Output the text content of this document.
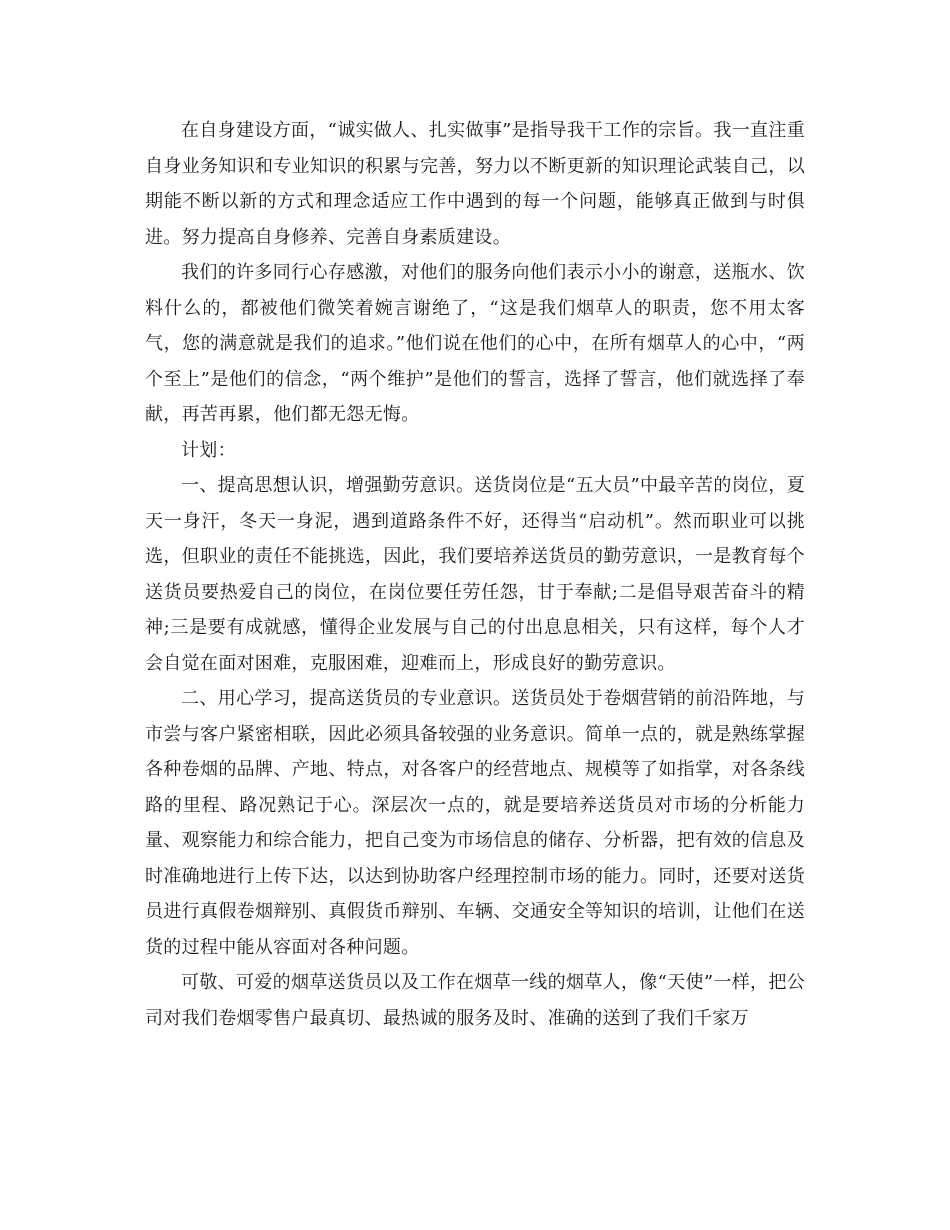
在自身建设方面，“诚实做人、扎实做事”是指导我干工作的宗旨。我一直注重自身业务知识和专业知识的积累与完善，努力以不断更新的知识理论武装自己，以期能不断以新的方式和理念适应工作中遇到的每一个问题，能够真正做到与时俱进。努力提高自身修养、完善自身素质建设。

我们的许多同行心存感激，对他们的服务向他们表示小小的谢意，送瓶水、饮料什么的，都被他们微笑着婉言谢绝了，“这是我们烟草人的职责，您不用太客气，您的满意就是我们的追求。”他们说在他们的心中，在所有烟草人的心中，“两个至上”是他们的信念，“两个维护”是他们的誓言，选择了誓言，他们就选择了奉献，再苦再累，他们都无怨无悔。

计划：

一、提高思想认识，增强勤劳意识。送货岗位是“五大员”中最辛苦的岗位，夏天一身汗，冬天一身泥，遇到道路条件不好，还得当“启动机”。然而职业可以挑选，但职业的责任不能挑选，因此，我们要培养送货员的勤劳意识，一是教育每个送货员要热爱自己的岗位，在岗位要任劳任怨，甘于奉献;二是倡导艰苦奋斗的精神;三是要有成就感，懂得企业发展与自己的付出息息相关，只有这样，每个人才会自觉在面对困难，克服困难，迎难而上，形成良好的勤劳意识。

二、用心学习，提高送货员的专业意识。送货员处于卷烟营销的前沿阵地，与市尝与客户紧密相联，因此必须具备较强的业务意识。简单一点的，就是熟练掌握各种卷烟的品牌、产地、特点，对各客户的经营地点、规模等了如指掌，对各条线路的里程、路况熟记于心。深层次一点的，就是要培养送货员对市场的分析能力量、观察能力和综合能力，把自己变为市场信息的储存、分析器，把有效的信息及时准确地进行上传下达，以达到协助客户经理控制市场的能力。同时，还要对送货员进行真假卷烟辩别、真假货币辩别、车辆、交通安全等知识的培训，让他们在送货的过程中能从容面对各种问题。

可敬、可爱的烟草送货员以及工作在烟草一线的烟草人，像“天使”一样，把公司对我们卷烟零售户最真切、最热诚的服务及时、准确的送到了我们千家万
